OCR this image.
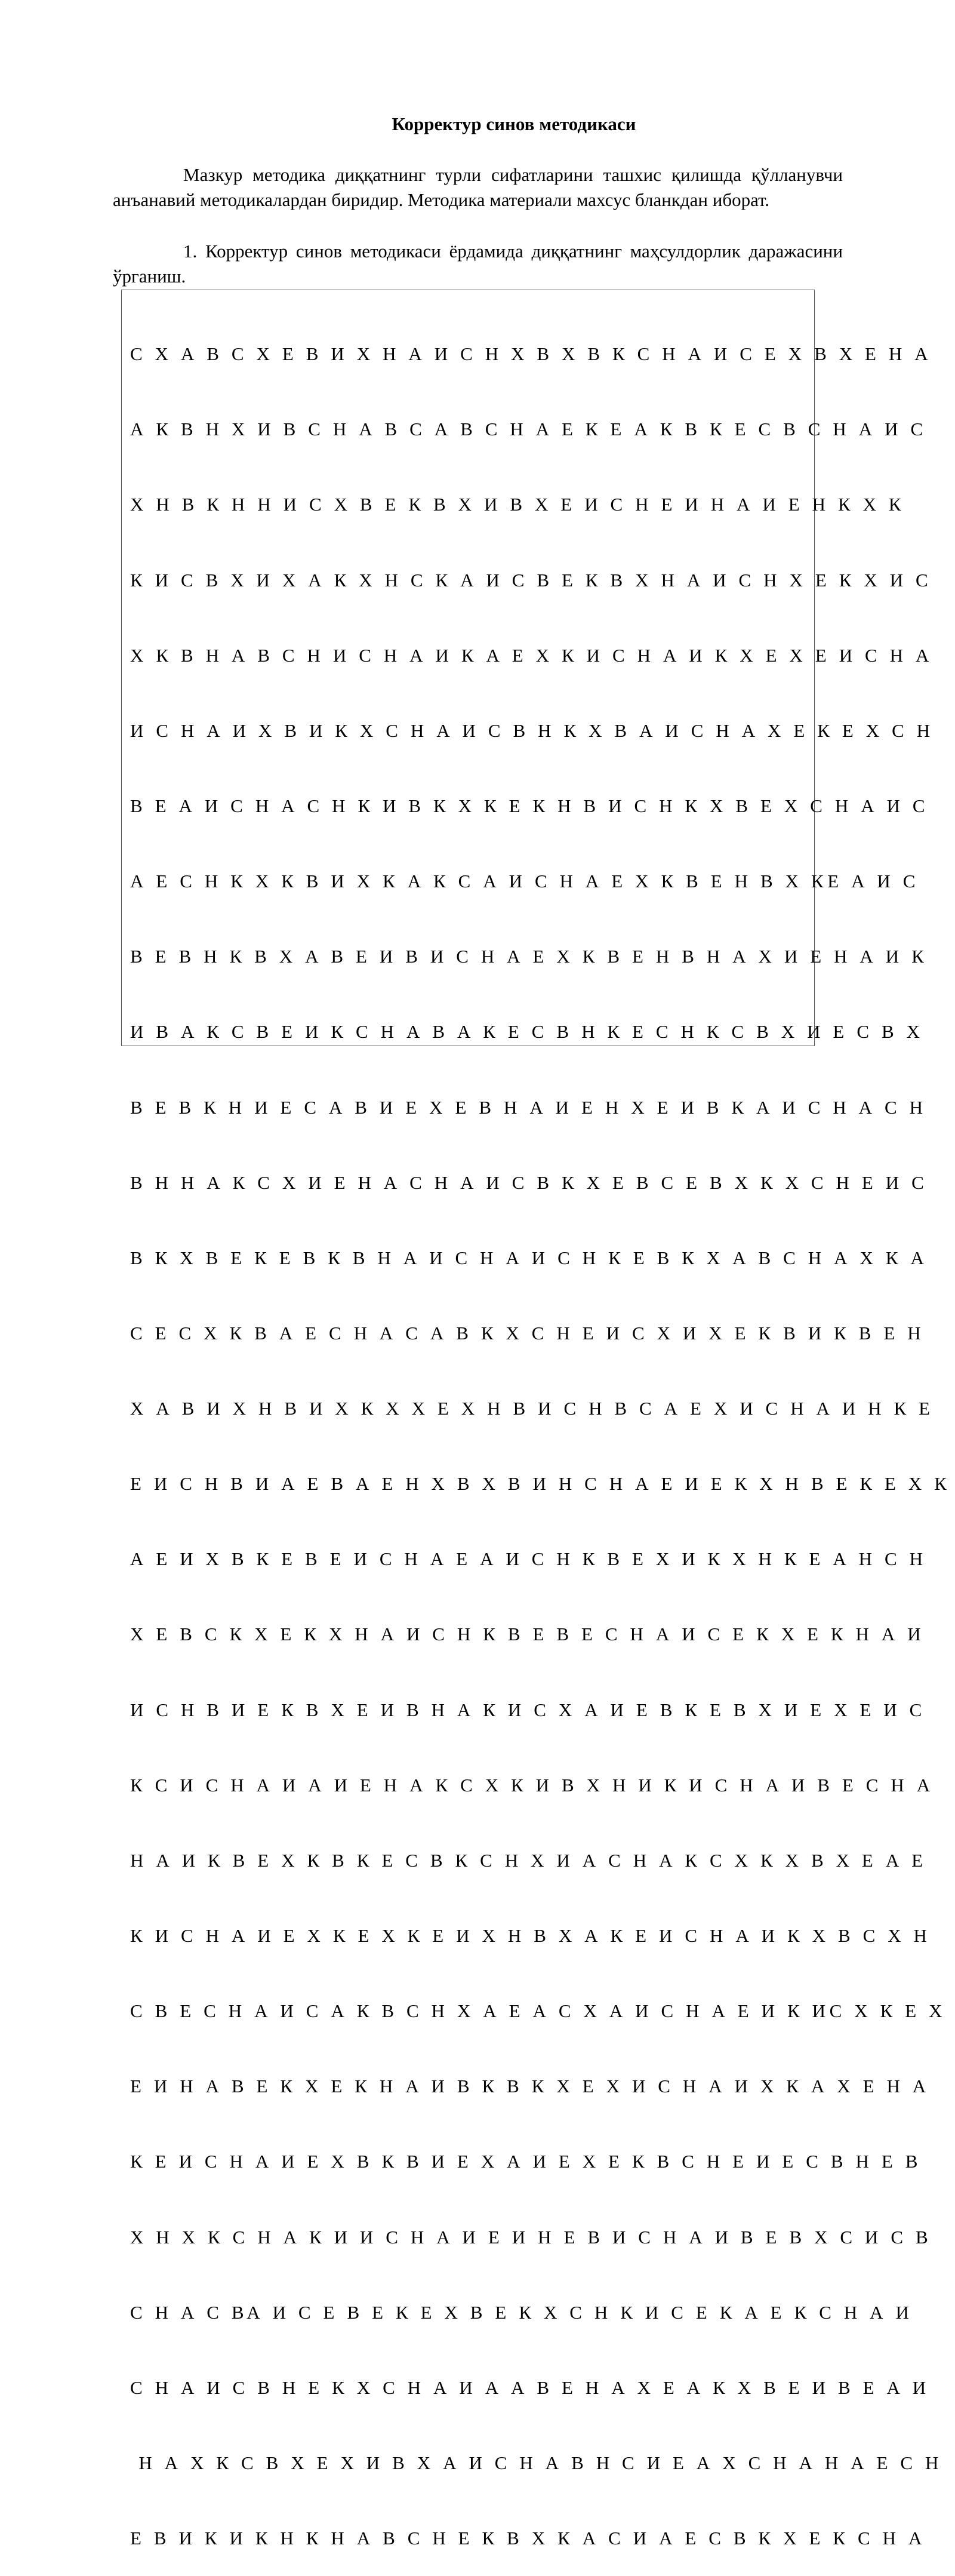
Корректур синов методикаси
Мазкур методика диққатнинг турли сифатларини ташхис қилишда қўлланувчи анъанавий методикалардан биридир. Методика материали махсус бланкдан иборат.
1. Корректур синов методикаси ёрдамида диққатнинг маҳсулдорлик даражасини ўрганиш.

С Х А В С Х Е В И Х Н А И С Н Х В Х В К С Н А И С Е Х В Х Е Н А

А К В Н Х И В С Н А В С А В С Н А Е К Е А К В К Е С В С Н А И С

Х Н В К Н Н И С Х В Е К В Х И В Х Е И С Н Е И Н А И Е Н К Х К

К И С В Х И Х А К Х Н С К А И С В Е К В Х Н А И С Н Х Е К Х И С

Х К В Н А В С Н И С Н А И К А Е Х К И С Н А И К Х Е Х Е И С Н А

И С Н А И Х В И К Х С Н А И С В Н К Х В А И С Н А Х Е К Е Х С Н

В Е А И С Н А С Н К И В К Х К Е К Н В И С Н К Х В Е Х С Н А И С

А Е С Н К Х К В И Х К А К С А И С Н А Е Х К В Е Н В Х КЕ А И С

В Е В Н К В Х А В Е И В И С Н А Е Х К В Е Н В Н А Х И Е Н А И К

И В А К С В Е И К С Н А В А К Е С В Н К Е С Н К С В Х И Е С В Х

В Е В К Н И Е С А В И Е Х Е В Н А И Е Н Х Е И В К А И С Н А С Н

В Н Н А К С Х И Е Н А С Н А И С В К Х Е В С Е В Х К Х С Н Е И С

В К Х В Е К Е В К В Н А И С Н А И С Н К Е В К Х А В С Н А Х К А

С Е С Х К В А Е С Н А С А В К Х С Н Е И С Х И Х Е К В И К В Е Н

Х А В И Х Н В И Х К Х Х Е Х Н В И С Н В С А Е Х И С Н А И Н К Е

Е И С Н В И А Е В А Е Н Х В Х В И Н С Н А Е И Е К Х Н В Е К Е Х К

А Е И Х В К Е В Е И С Н А Е А И С Н К В Е Х И К Х Н К Е А Н С Н

Х Е В С К Х Е К Х Н А И С Н К В Е В Е С Н А И С Е К Х Е К Н А И

И С Н В И Е К В Х Е И В Н А К И С Х А И Е В К Е В Х И Е Х Е И С

К С И С Н А И А И Е Н А К С Х К И В Х Н И К И С Н А И В Е С Н А

Н А И К В Е Х К В К Е С В К С Н Х И А С Н А К С Х К Х В Х Е А Е

К И С Н А И Е Х К Е Х К Е И Х Н В Х А К Е И С Н А И К Х В С Х Н

С В Е С Н А И С А К В С Н Х А Е А С Х А И С Н А Е И К ИС Х К Е Х

Е И Н А В Е К Х Е К Н А И В К В К Х Е Х И С Н А И Х К А Х Е Н А

К Е И С Н А И Е Х В К В И Е Х А И Е Х Е К В С Н Е И Е С В Н Е В

Х Н Х К С Н А К И И С Н А И Е И Н Е В И С Н А И В Е В Х С И С В

С Н А С ВА И С Е В Е К Е Х В Е К Х С Н К И С Е К А Е К С Н А И

С Н А И С В Н Е К Х С Н А И А А В Е Н А Х Е А К Х В Е И В Е А И

Н А Х К С В Х Е Х И В Х А И С Н А В Н С И Е А Х С Н А Н А Е С Н

Е В И К И К Н К Н А В С Н Е К В Х К А С И А Е С В К Х Е К С Н А
